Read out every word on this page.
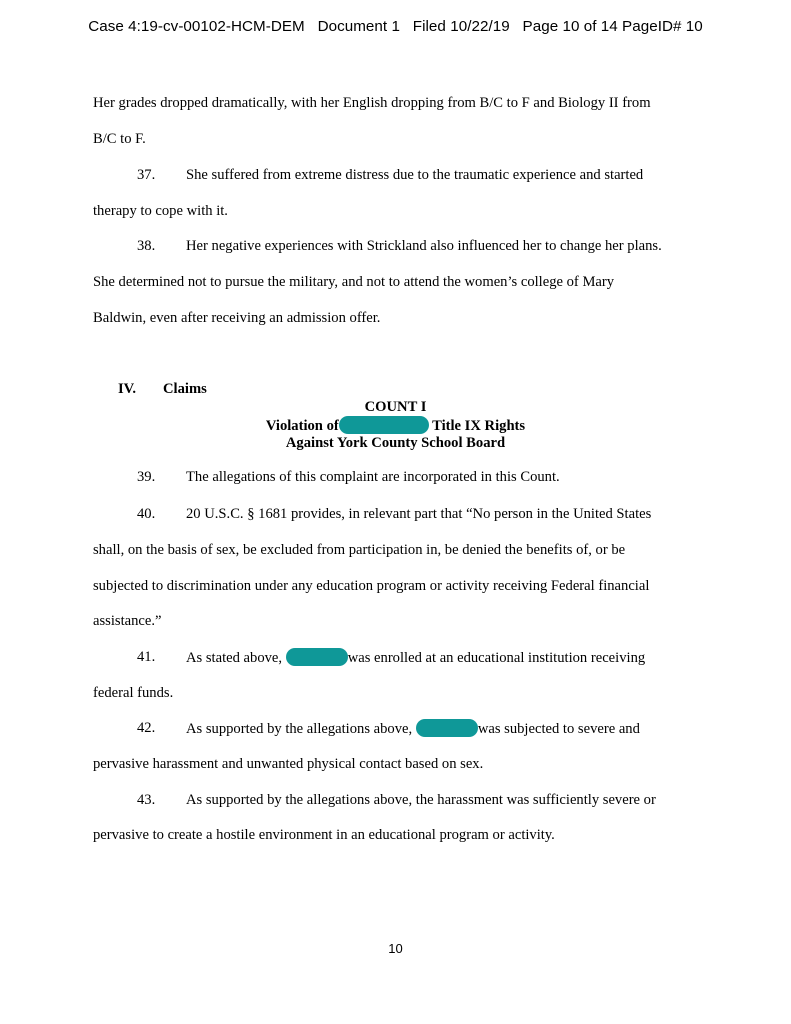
Case 4:19-cv-00102-HCM-DEM   Document 1   Filed 10/22/19   Page 10 of 14 PageID# 10
Her grades dropped dramatically, with her English dropping from B/C to F and Biology II from
B/C to F.
37. She suffered from extreme distress due to the traumatic experience and started
therapy to cope with it.
38. Her negative experiences with Strickland also influenced her to change her plans.
She determined not to pursue the military, and not to attend the women’s college of Mary
Baldwin, even after receiving an admission offer.
IV. Claims
COUNT I
Violation of	Title IX Rights
Against York County School Board
39. The allegations of this complaint are incorporated in this Count.
40. 20 U.S.C. § 1681 provides, in relevant part that “No person in the United States
shall, on the basis of sex, be excluded from participation in, be denied the benefits of, or be
subjected to discrimination under any education program or activity receiving Federal financial
assistance.”
41. As stated above,	was enrolled at an educational institution receiving
federal funds.
42. As supported by the allegations above,	was subjected to severe and
pervasive harassment and unwanted physical contact based on sex.
43. As supported by the allegations above, the harassment was sufficiently severe or
pervasive to create a hostile environment in an educational program or activity.
10
